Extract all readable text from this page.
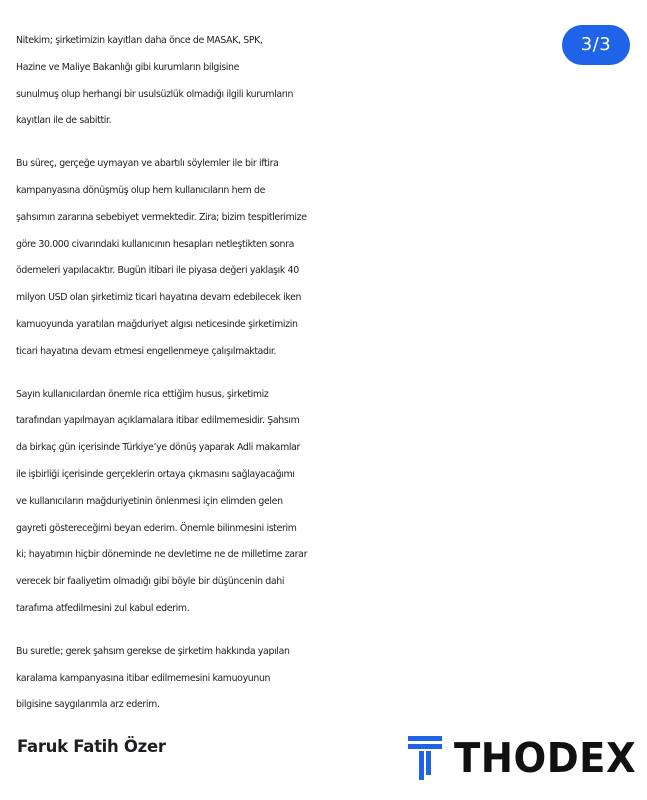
3/3

Nitekim; şirketimizin kayıtları daha önce de MASAK, SPK,
Hazine ve Maliye Bakanlığı gibi kurumların bilgisine
sunulmuş olup herhangi bir usulsüzlük olmadığı ilgili kurumların
kayıtları ile de sabittir.

Bu süreç, gerçeğe uymayan ve abartılı söylemler ile bir iftira
kampanyasına dönüşmüş olup hem kullanıcıların hem de
şahsımın zararına sebebiyet vermektedir. Zira; bizim tespitlerimize
göre 30.000 civarındaki kullanıcının hesapları netleştikten sonra
ödemeleri yapılacaktır. Bugün itibari ile piyasa değeri yaklaşık 40
milyon USD olan şirketimiz ticari hayatına devam edebilecek iken
kamuoyunda yaratılan mağduriyet algısı neticesinde şirketimizin
ticari hayatına devam etmesi engellenmeye çalışılmaktadır.

Sayın kullanıcılardan önemle rica ettiğim husus, şirketimiz
tarafından yapılmayan açıklamalara itibar edilmemesidir. Şahsım
da birkaç gün içerisinde Türkiye’ye dönüş yaparak Adli makamlar
ile işbirliği içerisinde gerçeklerin ortaya çıkmasını sağlayacağımı
ve kullanıcıların mağduriyetinin önlenmesi için elimden gelen
gayreti göstereceğimi beyan ederim. Önemle bilinmesini isterim
ki; hayatımın hiçbir döneminde ne devletime ne de milletime zarar
verecek bir faaliyetim olmadığı gibi böyle bir düşüncenin dahi
tarafıma atfedilmesini zul kabul ederim.

Bu suretle; gerek şahsım gerekse de şirketim hakkında yapılan
karalama kampanyasına itibar edilmemesini kamuoyunun
bilgisine saygılarımla arz ederim.

Faruk Fatih Özer	THODEX
